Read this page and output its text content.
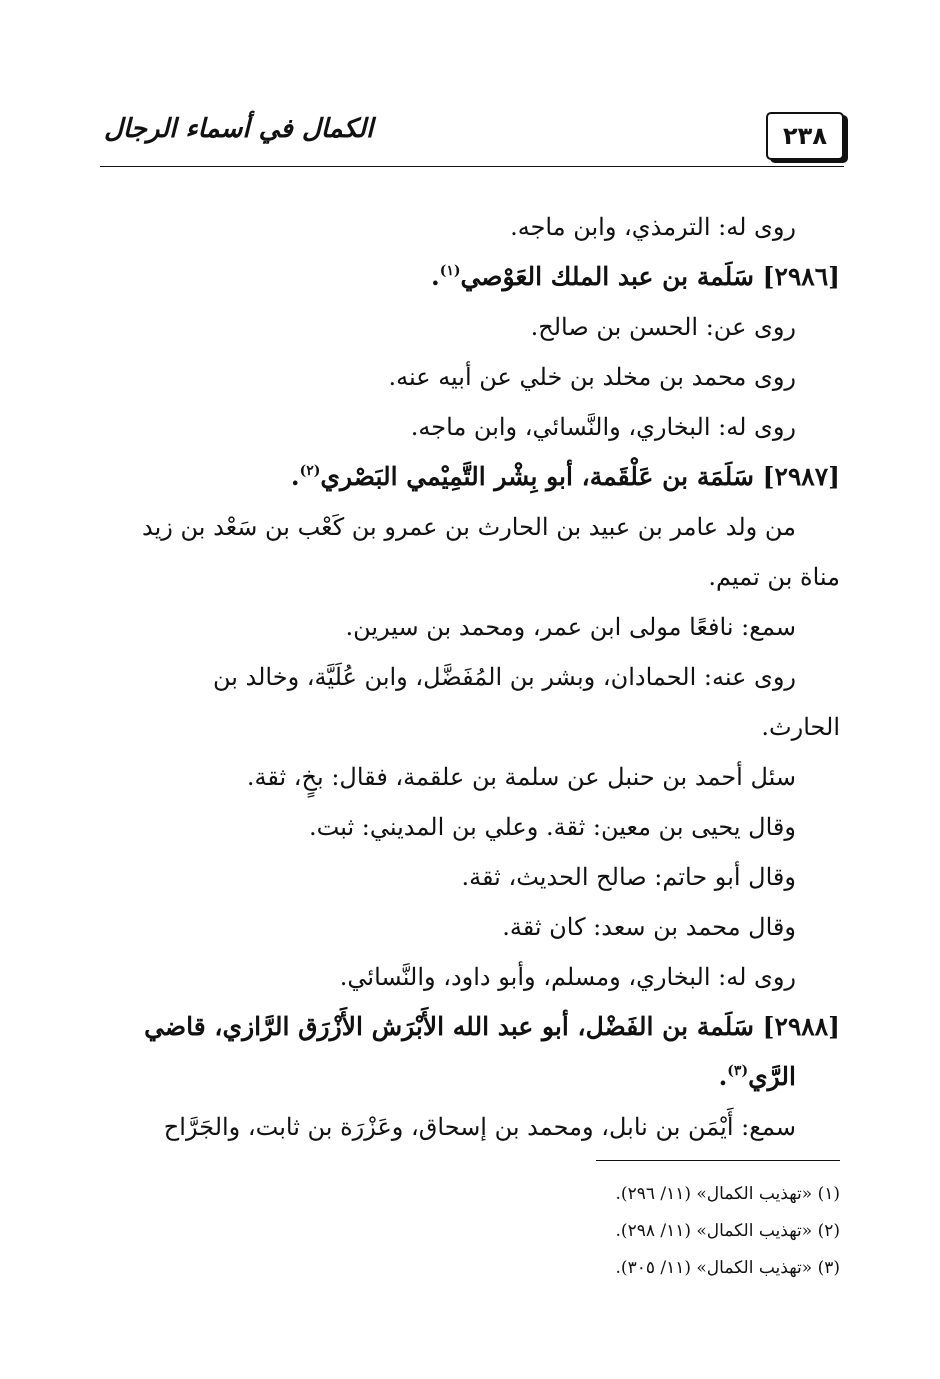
٢٣٨
الكمال في أسماء الرجال

روى له: الترمذي، وابن ماجه.

[٢٩٨٦] سَلَمة بن عبد الملك العَوْصي$^{(١)}$.

روى عن: الحسن بن صالح.

روى محمد بن مخلد بن خلي عن أبيه عنه.

روى له: البخاري، والنَّسائي، وابن ماجه.

[٢٩٨٧] سَلَمَة بن عَلْقَمة، أبو بِشْر التَّمِيْمي البَصْري$^{(٢)}$.

من ولد عامر بن عبيد بن الحارث بن عمرو بن كَعْب بن سَعْد بن زيد

مناة بن تميم.

سمع: نافعًا مولى ابن عمر، ومحمد بن سيرين.

روى عنه: الحمادان، وبشر بن المُفَضَّل، وابن عُلَيَّة، وخالد بن

الحارث.

سئل أحمد بن حنبل عن سلمة بن علقمة، فقال: بخٍ، ثقة.

وقال يحيى بن معين: ثقة. وعلي بن المديني: ثبت.

وقال أبو حاتم: صالح الحديث، ثقة.

وقال محمد بن سعد: كان ثقة.

روى له: البخاري، ومسلم، وأبو داود، والنَّسائي.

[٢٩٨٨] سَلَمة بن الفَضْل، أبو عبد الله الأَبْرَش الأَزْرَق الرَّازي، قاضي

الرَّي$^{(٣)}$.

سمع: أَيْمَن بن نابل، ومحمد بن إسحاق، وعَزْرَة بن ثابت، والجَرَّاح

(١) «تهذيب الكمال» (١١/ ٢٩٦).

(٢) «تهذيب الكمال» (١١/ ٢٩٨).

(٣) «تهذيب الكمال» (١١/ ٣٠٥).
